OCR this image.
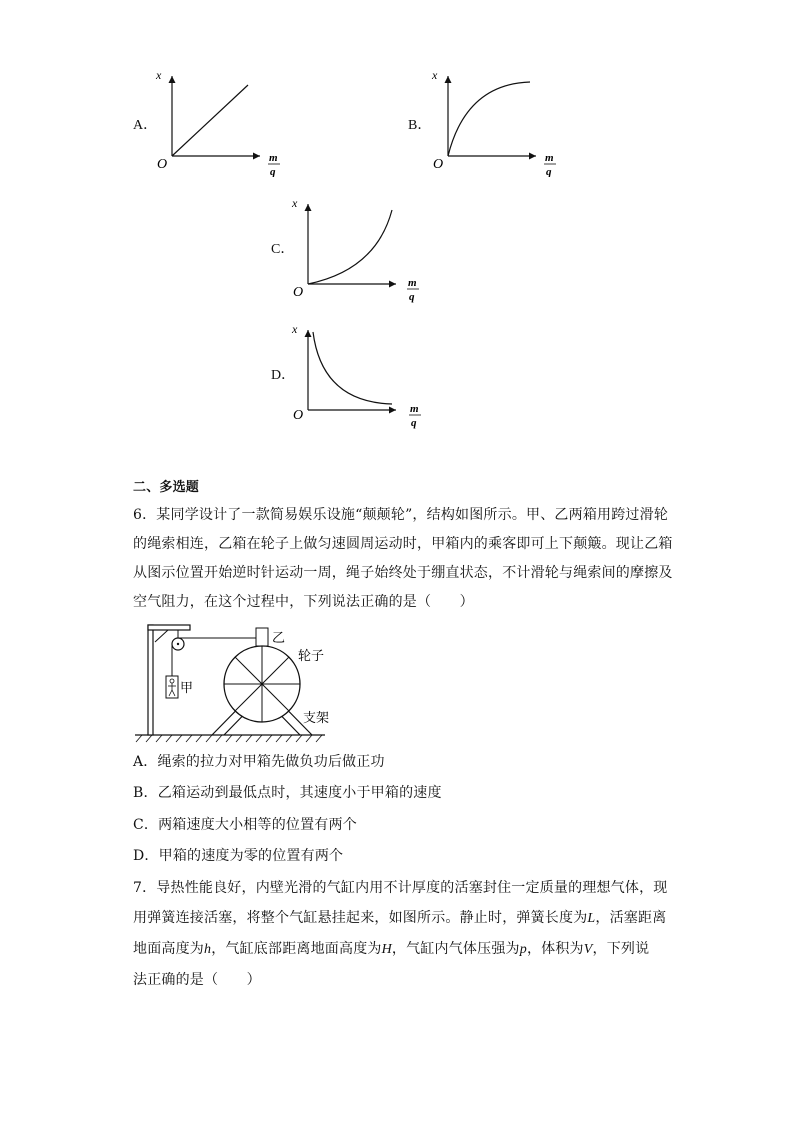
A．
x
O	m
q
B．
x
O	m
q
C．
x
O
m
q
D．
x
O	m
q
二、多选题
6．某同学设计了一款简易娱乐设施“颠颠轮”，结构如图所示。甲、乙两箱用跨过滑轮
的绳索相连，乙箱在轮子上做匀速圆周运动时，甲箱内的乘客即可上下颠簸。现让乙箱
从图示位置开始逆时针运动一周，绳子始终处于绷直状态，不计滑轮与绳索间的摩擦及
空气阻力，在这个过程中，下列说法正确的是（　　）
甲
乙
轮子
支架
A．绳索的拉力对甲箱先做负功后做正功
B．乙箱运动到最低点时，其速度小于甲箱的速度
C．两箱速度大小相等的位置有两个
D．甲箱的速度为零的位置有两个
7．导热性能良好，内壁光滑的气缸内用不计厚度的活塞封住一定质量的理想气体，现
用弹簧连接活塞，将整个气缸悬挂起来，如图所示。静止时，弹簧长度为L，活塞距离
地面高度为h，气缸底部距离地面高度为H，气缸内气体压强为p，体积为V，下列说
法正确的是（　　）
